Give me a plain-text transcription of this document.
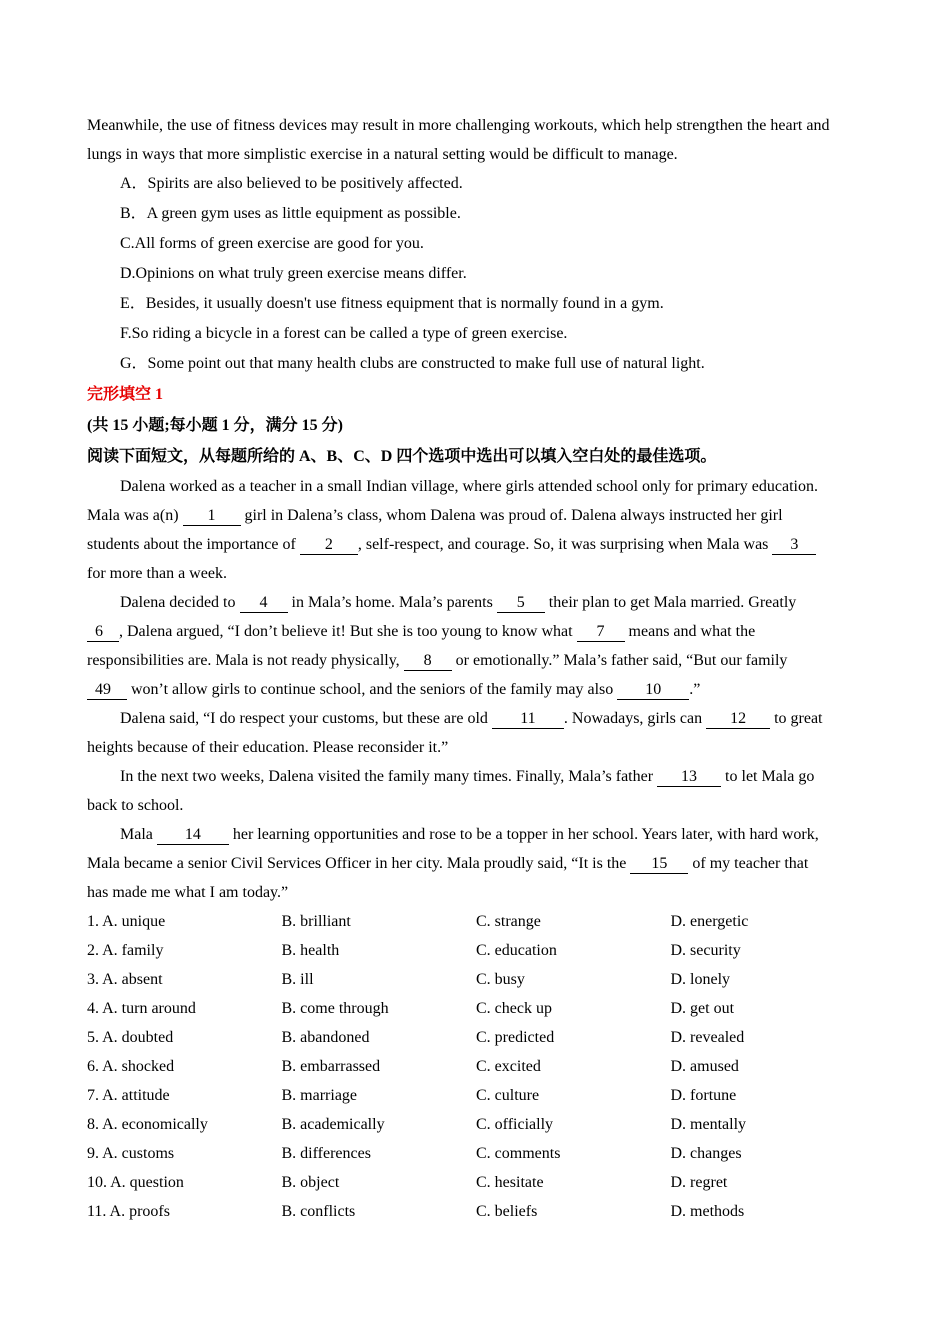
Meanwhile, the use of fitness devices may result in more challenging workouts, which help strengthen the heart and
lungs in ways that more simplistic exercise in a natural setting would be difficult to manage.
A．Spirits are also believed to be positively affected.
B．A green gym uses as little equipment as possible.
C.All forms of green exercise are good for you.
D.Opinions on what truly green exercise means differ.
E．Besides, it usually doesn't use fitness equipment that is normally found in a gym.
F.So riding a bicycle in a forest can be called a type of green exercise.
G．Some point out that many health clubs are constructed to make full use of natural light.
完形填空 1
(共 15 小题;每小题 1 分，满分 15 分)
阅读下面短文，从每题所给的 A、B、C、D 四个选项中选出可以填入空白处的最佳选项。
Dalena worked as a teacher in a small Indian village, where girls attended school only for primary education.
Mala was a(n) 1 girl in Dalena’s class, whom Dalena was proud of. Dalena always instructed her girl
students about the importance of 2 , self-respect, and courage. So, it was surprising when Mala was 3
for more than a week.
Dalena decided to 4 in Mala’s home. Mala’s parents 5 their plan to get Mala married. Greatly
6 , Dalena argued, “I don’t believe it! But she is too young to know what 7 means and what the
responsibilities are. Mala is not ready physically, 8 or emotionally.” Mala’s father said, “But our family
49 won’t allow girls to continue school, and the seniors of the family may also 10 .”
Dalena said, “I do respect your customs, but these are old 11 . Nowadays, girls can 12 to great
heights because of their education. Please reconsider it.”
In the next two weeks, Dalena visited the family many times. Finally, Mala’s father 13 to let Mala go
back to school.
Mala 14 her learning opportunities and rose to be a topper in her school. Years later, with hard work,
Mala became a senior Civil Services Officer in her city. Mala proudly said, “It is the 15 of my teacher that
has made me what I am today.”
1. A. unique	B. brilliant	C. strange	D. energetic
2. A. family	B. health	C. education	D. security
3. A. absent	B. ill	C. busy	D. lonely
4. A. turn around	B. come through	C. check up	D. get out
5. A. doubted	B. abandoned	C. predicted	D. revealed
6. A. shocked	B. embarrassed	C. excited	D. amused
7. A. attitude	B. marriage	C. culture	D. fortune
8. A. economically	B. academically	C. officially	D. mentally
9. A. customs	B. differences	C. comments	D. changes
10. A. question	B. object	C. hesitate	D. regret
11. A. proofs	B. conflicts	C. beliefs	D. methods
